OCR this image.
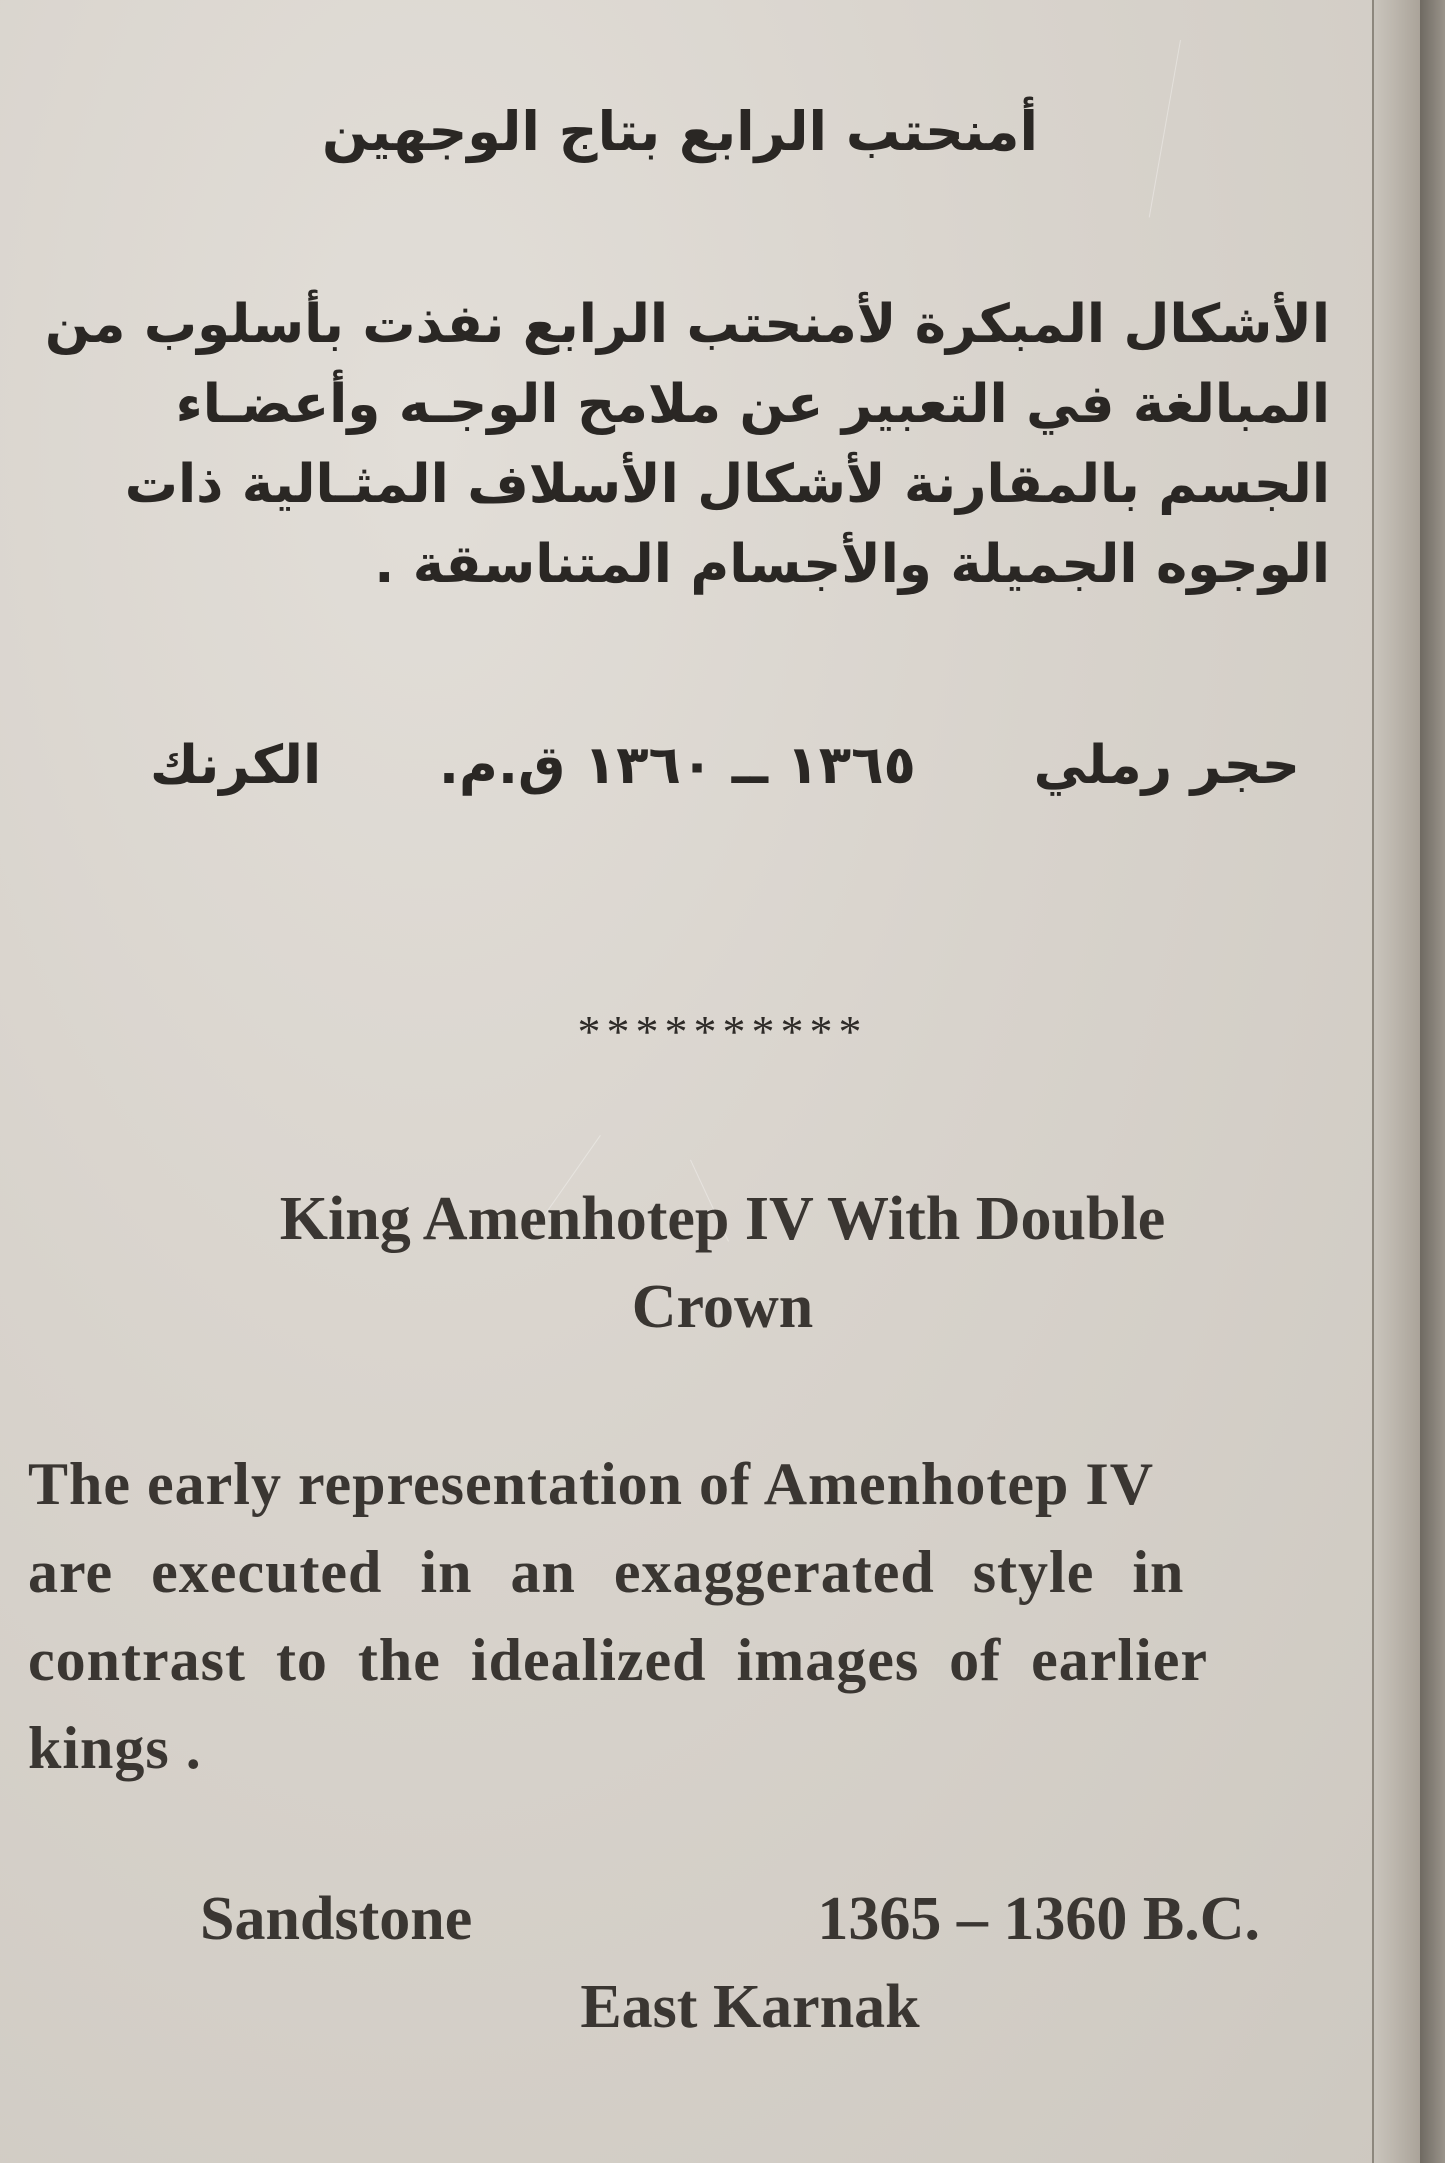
أمنحتب الرابع بتاج الوجهين
الأشكال المبكرة لأمنحتب الرابع نفذت بأسلوب من
المبالغة في التعبير عن ملامح الوجـه وأعضـاء
الجسم بالمقارنة لأشكال الأسلاف المثـالية ذات
الوجوه الجميلة والأجسام المتناسقة .
حجر رملي
١٣٦٥ ــ ١٣٦٠ ق.م.
الكرنك
**********
King Amenhotep IV With Double
Crown
The early representation of Amenhotep IV
are executed in an exaggerated style in
contrast to the idealized images of earlier
kings .
Sandstone	1365 – 1360 B.C.
East Karnak
